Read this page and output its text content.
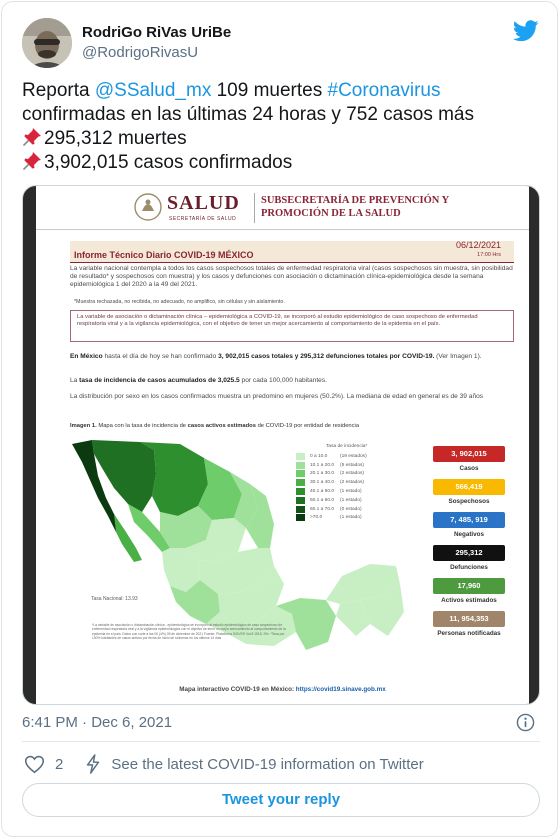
RodriGo RiVas UriBe
@RodrigoRivasU
Reporta @SSalud_mx 109 muertes #Coronavirus
confirmadas en las últimas 24 horas y 752 casos más
295,312 muertes
3,902,015 casos confirmados
SALUD
SECRETARÍA DE SALUD
SUBSECRETARÍA DE PREVENCIÓN Y
PROMOCIÓN DE LA SALUD
Informe Técnico Diario COVID-19 MÉXICO
06/12/2021
17:00 Hrs
La variable nacional contempla a todos los casos sospechosos totales de enfermedad respiratoria viral (casos sospechosos sin muestra, sin posibilidad de resultado* y sospechosos con muestra) y los casos y defunciones con asociación o dictaminación clínica-epidemiológica desde la semana epidemiológica 1 del 2020 a la 49 del 2021.
*Muestra rechazada, no recibida, no adecuado, no amplifico, sin células y sin aislamiento.
La variable de asociación o dictaminación clínica – epidemiológica a COVID-19, se incorporó al estudio epidemiológico de caso sospechoso de enfermedad respiratoria viral y a la vigilancia epidemiológica, con el objetivo de tener un mejor acercamiento al comportamiento de la epidemia en el país.
En México hasta el día de hoy se han confirmado 3, 902,015 casos totales y 295,312 defunciones totales por COVID-19. (Ver Imagen 1).
La tasa de incidencia de casos acumulados de 3,025.5 por cada 100,000 habitantes.
La distribución por sexo en los casos confirmados muestra un predomino en mujeres (50.2%). La mediana de edad en general es de 39 años
Imagen 1. Mapa con la tasa de incidencia de casos activos estimados de COVID-19 por entidad de residencia
Tasa de incidencia*
0 a 10.0	(19 estados)
10.1 a 20.0	(5 estados)
20.1 a 30.0	(2 estados)
30.1 a 40.0	(2 estados)
40.1 a 50.0	(1 estado)
50.1 a 60.0	(1 estado)
60.1 a 70.0	(0 estado)
>70.0	(1 estado)
Tasa Nacional: 13.93
*La variable de asociación o dictaminación clínica - epidemiológica se incorporó al estudio epidemiológico de caso sospechoso de enfermedad respiratoria viral y a la vigilancia epidemiológica con el objetivo de tener un mejor acercamiento al comportamiento de la epidemia en el país. Datos con corte a las 06 (4%) 05 de diciembre de 2021 Fuente: Plataforma SISVER Vol.8 1518, 29x. *Tasa por 100% habitantes de casos activos por fecha de inicio de síntomas en los últimos 14 días
3, 902,015
Casos
566,419
Sospechosos
7, 485, 919
Negativos
295,312
Defunciones
17,960
Activos estimados
11, 954,353
Personas notificadas
Mapa interactivo COVID-19 en México: https://covid19.sinave.gob.mx
6:41 PM · Dec 6, 2021
2	See the latest COVID-19 information on Twitter
Tweet your reply
